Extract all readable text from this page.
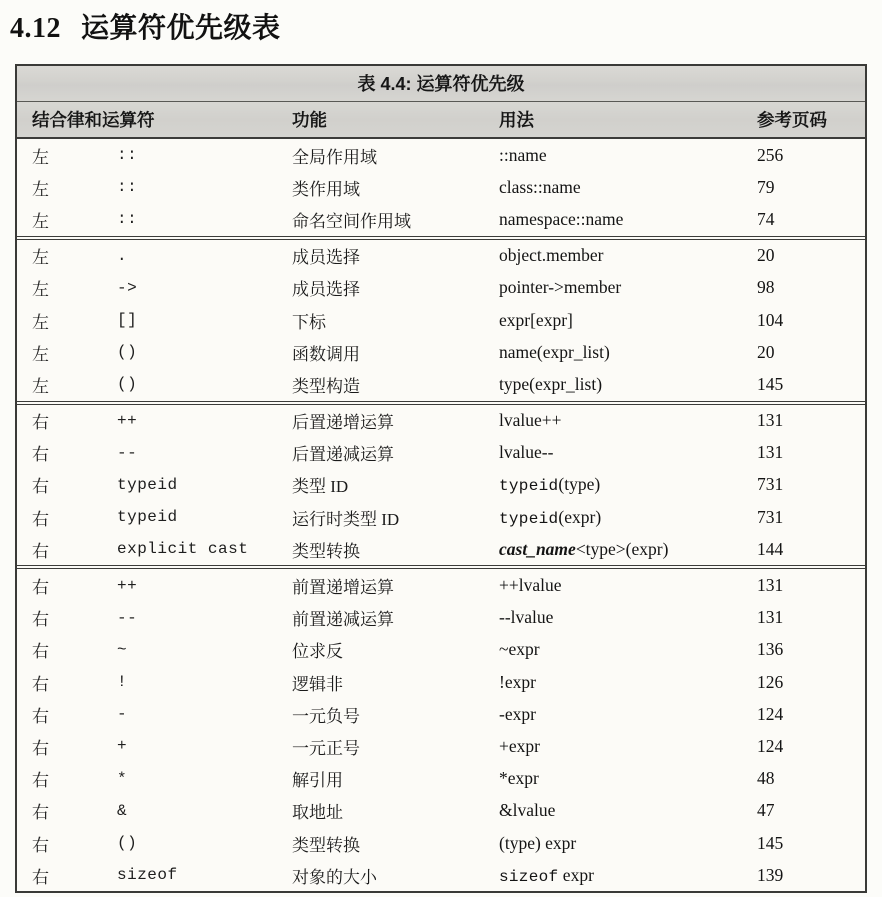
4.12 运算符优先级表
表 4.4: 运算符优先级
结合律和运算符	功能	用法	参考页码
左	::	全局作用域	::name	256
左	::	类作用域	class::name	79
左	::	命名空间作用域	namespace::name	74
左	.	成员选择	object.member	20
左	->	成员选择	pointer->member	98
左	[]	下标	expr[expr]	104
左	()	函数调用	name(expr_list)	20
左	()	类型构造	type(expr_list)	145
右	++	后置递增运算	lvalue++	131
右	--	后置递减运算	lvalue--	131
右	typeid	类型 ID	typeid(type)	731
右	typeid	运行时类型 ID	typeid(expr)	731
右	explicit cast	类型转换	cast_name<type>(expr)	144
右	++	前置递增运算	++lvalue	131
右	--	前置递减运算	--lvalue	131
右	~	位求反	~expr	136
右	!	逻辑非	!expr	126
右	-	一元负号	-expr	124
右	+	一元正号	+expr	124
右	*	解引用	*expr	48
右	&	取地址	&lvalue	47
右	()	类型转换	(type) expr	145
右	sizeof	对象的大小	sizeof expr	139
